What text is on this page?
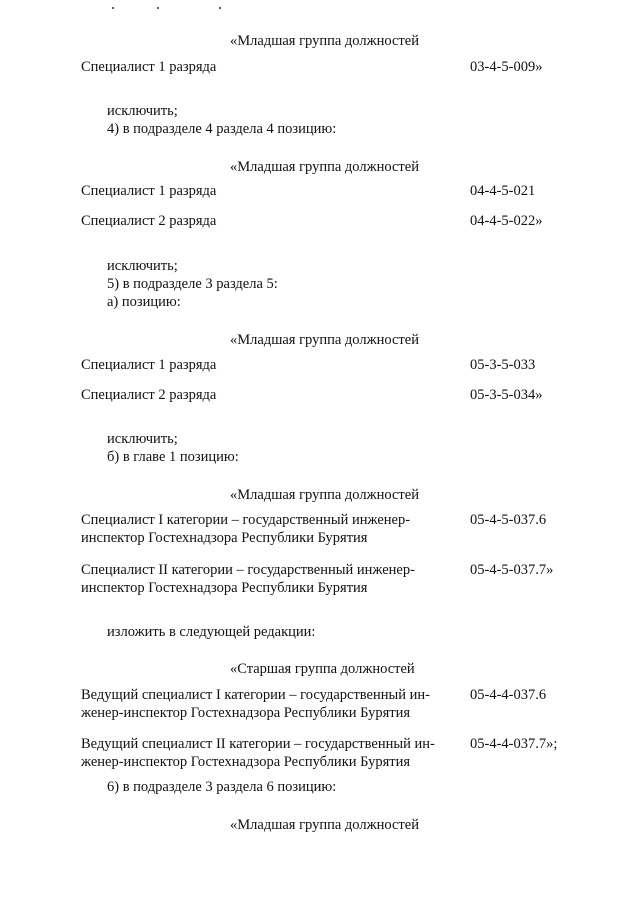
«Младшая группа должностей
Специалист 1 разряда	03-4-5-009»
исключить;
4) в подразделе 4 раздела 4 позицию:
«Младшая группа должностей
Специалист 1 разряда	04-4-5-021
Специалист 2 разряда	04-4-5-022»
исключить;
5) в подразделе 3 раздела 5:
а) позицию:
«Младшая группа должностей
Специалист 1 разряда	05-3-5-033
Специалист 2 разряда	05-3-5-034»
исключить;
б) в главе 1 позицию:
«Младшая группа должностей
Специалист I категории – государственный инженер-
инспектор Гостехнадзора Республики Бурятия
05-4-5-037.6
Специалист II категории – государственный инженер-
инспектор Гостехнадзора Республики Бурятия
05-4-5-037.7»
изложить в следующей редакции:
«Старшая группа должностей
Ведущий специалист I категории – государственный ин-
женер-инспектор Гостехнадзора Республики Бурятия
05-4-4-037.6
Ведущий специалист II категории – государственный ин-
женер-инспектор Гостехнадзора Республики Бурятия
05-4-4-037.7»;
6) в подразделе 3 раздела 6 позицию:
«Младшая группа должностей
